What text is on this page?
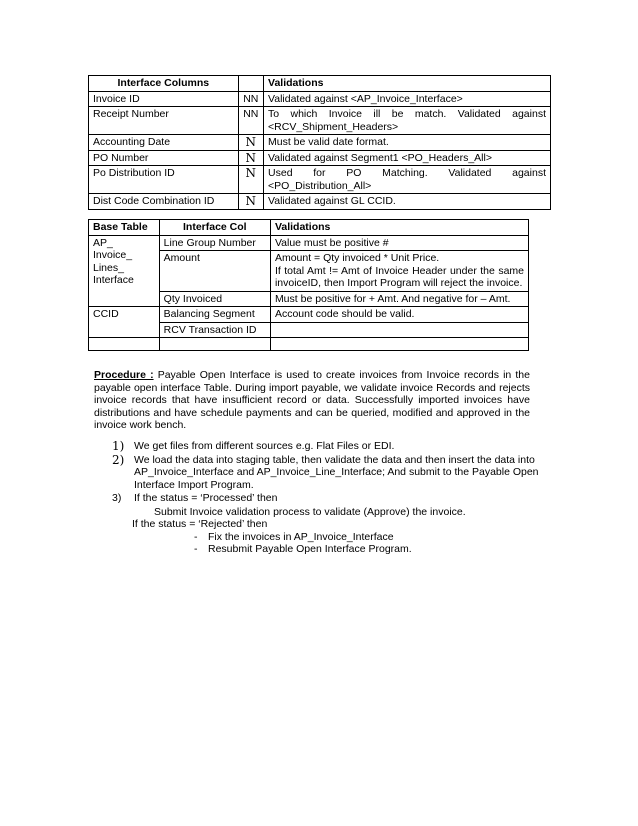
Interface Columns		Validations
Invoice ID	NN	Validated against <AP_Invoice_Interface>
Receipt Number	NN	To which Invoice ill be match. Validated against <RCV_Shipment_Headers>
Accounting Date	N	Must be valid date format.
PO Number	N	Validated against Segment1 <PO_Headers_All>
Po Distribution ID	N	Used for PO Matching. Validated against <PO_Distribution_All>
Dist Code Combination ID	N	Validated against GL CCID.
Base Table	Interface Col	Validations
AP_ Invoice_ Lines_ Interface	Line Group Number	Value must be positive #
	Amount	Amount = Qty invoiced * Unit Price.
If total Amt != Amt of Invoice Header under the same invoiceID, then Import Program will reject the invoice.
	Qty Invoiced	Must be positive for + Amt. And negative for – Amt.
CCID	Balancing Segment	Account code should be valid.
	RCV Transaction ID	

Procedure : Payable Open Interface is used to create invoices from Invoice records in the payable open interface Table. During import payable, we validate invoice Records and rejects invoice records that have insufficient record or data. Successfully imported invoices have distributions and have schedule payments and can be queried, modified and approved in the invoice work bench.
1) We get files from different sources e.g. Flat Files or EDI.
2) We load the data into staging table, then validate the data and then insert the data into AP_Invoice_Interface and AP_Invoice_Line_Interface; And submit to the Payable Open Interface Import Program.
3)	If the status = ‘Processed’ then
Submit Invoice validation process to validate (Approve) the invoice.
If the status = ‘Rejected’ then
-	Fix the invoices in AP_Invoice_Interface
-	Resubmit Payable Open Interface Program.
